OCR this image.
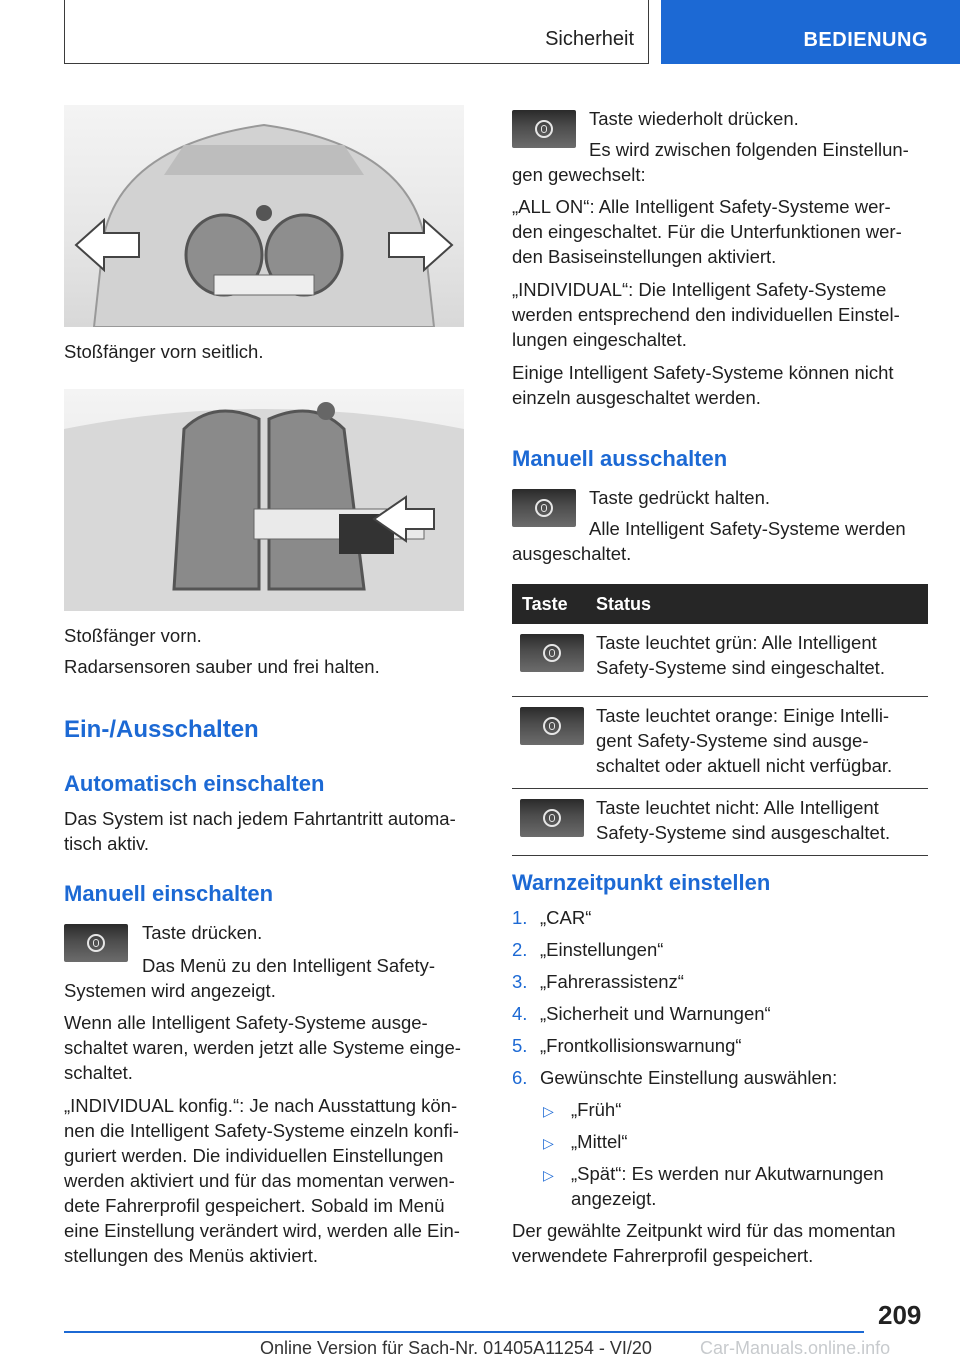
Sicherheit	BEDIENUNG

Stoßfänger vorn seitlich.

Stoßfänger vorn.

Radarsensoren sauber und frei halten.

Ein-/Ausschalten
Automatisch einschalten

Das System ist nach jedem Fahrtantritt automa-

tisch aktiv.

Manuell einschalten

Taste drücken.

Das Menü zu den Intelligent Safety-

Systemen wird angezeigt.

Wenn alle Intelligent Safety-Systeme ausge-

schaltet waren, werden jetzt alle Systeme einge-

schaltet.

„INDIVIDUAL konfig.“: Je nach Ausstattung kön-

nen die Intelligent Safety-Systeme einzeln konfi-

guriert werden. Die individuellen Einstellungen

werden aktiviert und für das momentan verwen-

dete Fahrerprofil gespeichert. Sobald im Menü

eine Einstellung verändert wird, werden alle Ein-

stellungen des Menüs aktiviert.

Taste wiederholt drücken.

Es wird zwischen folgenden Einstellun-

gen gewechselt:

„ALL ON“: Alle Intelligent Safety-Systeme wer-

den eingeschaltet. Für die Unterfunktionen wer-

den Basiseinstellungen aktiviert.

„INDIVIDUAL“: Die Intelligent Safety-Systeme

werden entsprechend den individuellen Einstel-

lungen eingeschaltet.

Einige Intelligent Safety-Systeme können nicht

einzeln ausgeschaltet werden.

Manuell ausschalten

Taste gedrückt halten.

Alle Intelligent Safety-Systeme werden

ausgeschaltet.

Taste	Status

	Taste leuchtet grün: Alle Intelligent
Safety-Systeme sind eingeschaltet.

	Taste leuchtet orange: Einige Intelli-
gent Safety-Systeme sind ausge-
schaltet oder aktuell nicht verfügbar.

	Taste leuchtet nicht: Alle Intelligent
Safety-Systeme sind ausgeschaltet.
Warnzeitpunkt einstellen
1. „CAR“
2. „Einstellungen“
3. „Fahrerassistenz“
4. „Sicherheit und Warnungen“
5. „Frontkollisionswarnung“
6. Gewünschte Einstellung auswählen:
▷ „Früh“
▷ „Mittel“
▷ „Spät“: Es werden nur Akutwarnungen
angezeigt.

Der gewählte Zeitpunkt wird für das momentan

verwendete Fahrerprofil gespeichert.

209
Online Version für Sach-Nr. 01405A11254 - VI/20	Car-Manuals.online.info
